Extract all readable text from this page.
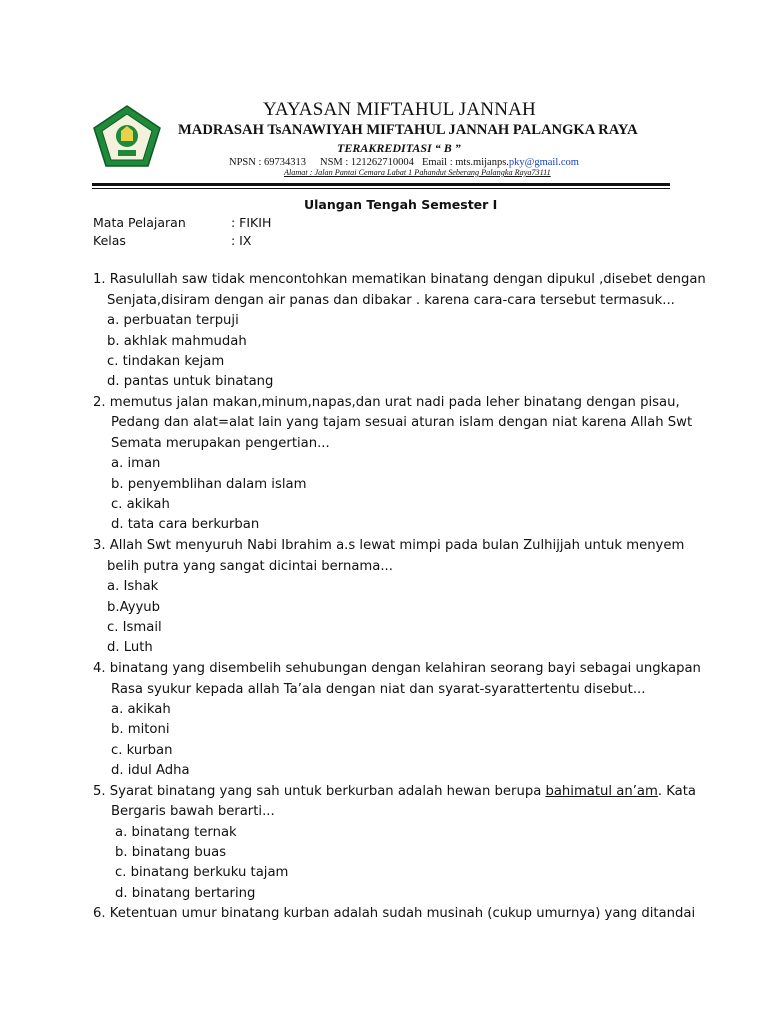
YAYASAN MIFTAHUL JANNAH
MADRASAH TsANAWIYAH MIFTAHUL JANNAH PALANGKA RAYA
TERAKREDITASI “ B ”
NPSN : 69734313 NSM : 121262710004 Email : mts.mijanps.pky@gmail.com
Alamat : Jalan Pantai Cemara Labat 1 Pahandut Seberang Palangka Raya73111
Ulangan Tengah Semester I
Mata Pelajaran	: FIKIH
Kelas	: IX
1. Rasulullah saw tidak mencontohkan mematikan binatang dengan dipukul ,disebet dengan
Senjata,disiram dengan air panas dan dibakar . karena cara-cara tersebut termasuk...
a. perbuatan terpuji
b. akhlak mahmudah
c. tindakan kejam
d. pantas untuk binatang
2. memutus jalan makan,minum,napas,dan urat nadi pada leher binatang dengan pisau,
Pedang dan alat=alat lain yang tajam sesuai aturan islam dengan niat karena Allah Swt
Semata merupakan pengertian...
a. iman
b. penyemblihan dalam islam
c. akikah
d. tata cara berkurban
3. Allah Swt menyuruh Nabi Ibrahim a.s lewat mimpi pada bulan Zulhijjah untuk menyem
belih putra yang sangat dicintai bernama...
a. Ishak
b.Ayyub
c. Ismail
d. Luth
4. binatang yang disembelih sehubungan dengan kelahiran seorang bayi sebagai ungkapan
Rasa syukur kepada allah Ta’ala dengan niat dan syarat-syarattertentu disebut...
a. akikah
b. mitoni
c. kurban
d. idul Adha
5. Syarat binatang yang sah untuk berkurban adalah hewan berupa bahimatul an’am. Kata
Bergaris bawah berarti...
a. binatang ternak
b. binatang buas
c. binatang berkuku tajam
d. binatang bertaring
6. Ketentuan umur binatang kurban adalah sudah musinah (cukup umurnya) yang ditandai
